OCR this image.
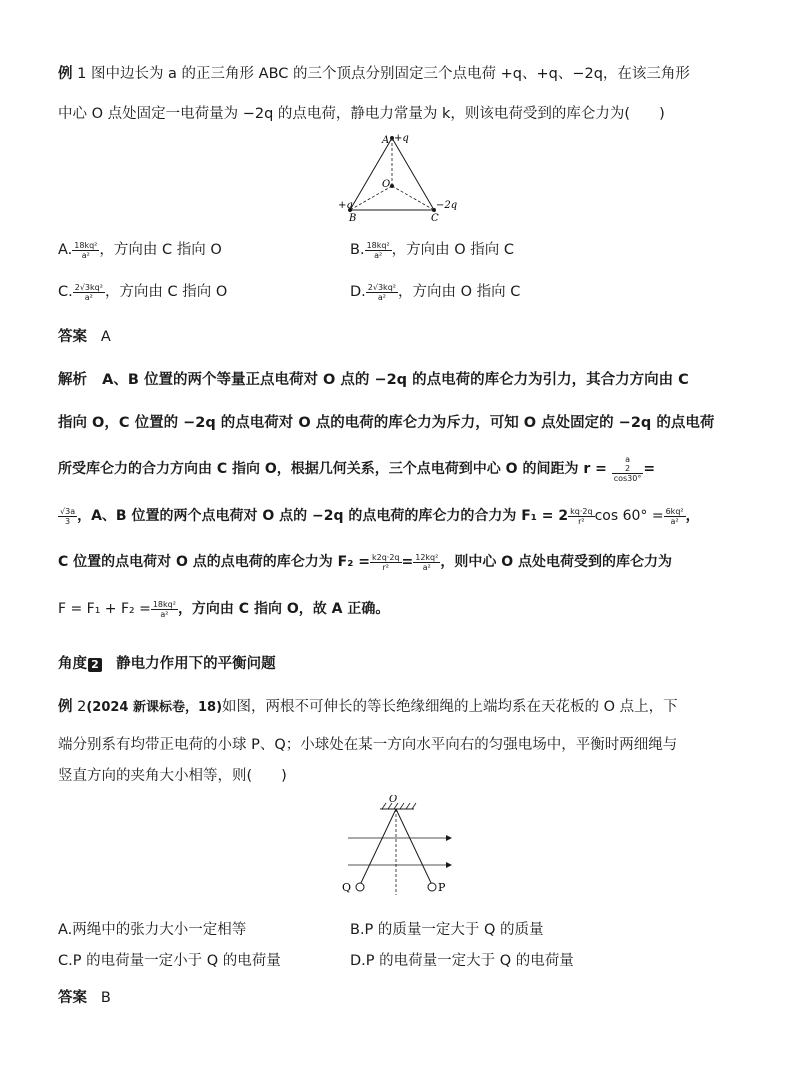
例 1 图中边长为 a 的正三角形 ABC 的三个顶点分别固定三个点电荷 +q、+q、−2q，在该三角形
中心 O 点处固定一电荷量为 −2q 的点电荷，静电力常量为 k，则该电荷受到的库仑力为(　　)
A +q
O
+q
B
−2q
C
A. $\frac{\text{18kq²}}{\text{a²}}$ ，方向由 C 指向 O	B. $\frac{\text{18kq²}}{\text{a²}}$ ，方向由 O 指向 C
C. $\frac{\text{2√3kq²}}{\text{a²}}$ ，方向由 C 指向 O	D. $\frac{\text{2√3kq²}}{\text{a²}}$ ，方向由 O 指向 C
答案 A
解析 A、B 位置的两个等量正点电荷对 O 点的 −2q 的点电荷的库仑力为引力，其合力方向由 C
指向 O，C 位置的 −2q 的点电荷对 O 点的电荷的库仑力为斥力，可知 O 点处固定的 −2q 的点电荷
所受库仑力的合力方向由 C 指向 O，根据几何关系，三个点电荷到中心 O 的间距为 r =
a
2
cos30°
=
$\frac{√3a}{3}$ ，A、B 位置的两个点电荷对 O 点的 −2q 的点电荷的库仑力的合力为 $F_1 = 2 \frac{kq\cdot 2q}{\text{r²}}$ $\cos 60^\circ = \frac{\text{6kq²}}{\text{a²}}$ ，
C 位置的点电荷对 O 点的点电荷的库仑力为 $F_2 = \frac{k2q\cdot 2q}{\text{r²}} = \frac{\text{12kq²}}{\text{a²}}$ ，则中心 O 点处电荷受到的库仑力为
$F = F_1 + F_2 = \frac{\text{18kq²}}{\text{a²}}$ ，方向由 C 指向 O，故 A 正确。
角度 2 静电力作用下的平衡问题
例 2(2024 新课标卷，18)如图，两根不可伸长的等长绝缘细绳的上端均系在天花板的 O 点上，下
端分别系有均带正电荷的小球 P、Q；小球处在某一方向水平向右的匀强电场中，平衡时两细绳与
竖直方向的夹角大小相等，则(　　)
O
Q	P
A.两绳中的张力大小一定相等	B.P 的质量一定大于 Q 的质量
C.P 的电荷量一定小于 Q 的电荷量	D.P 的电荷量一定大于 Q 的电荷量
答案 B
